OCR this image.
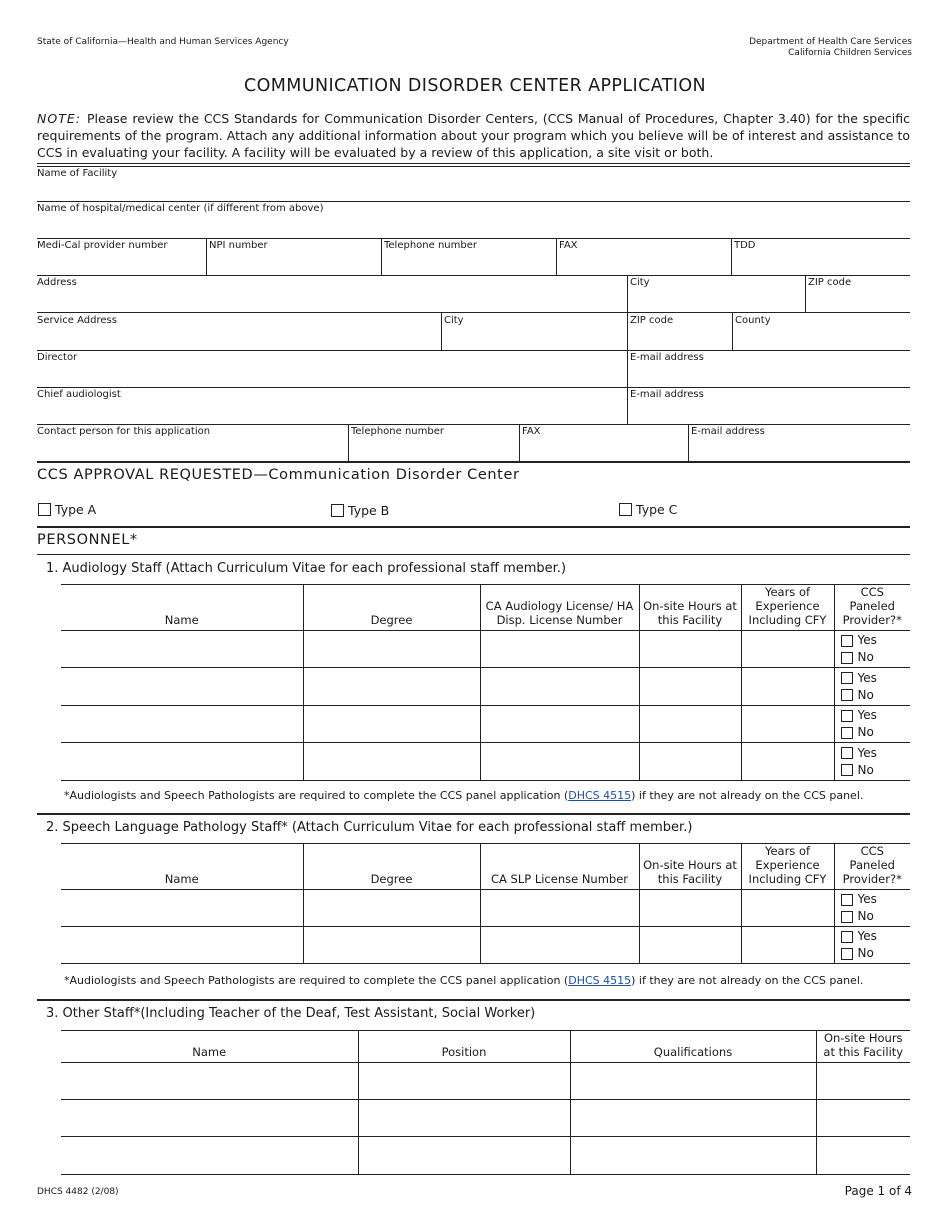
State of California—Health and Human Services Agency	Department of Health Care Services
California Children Services
COMMUNICATION DISORDER CENTER APPLICATION
NOTE: Please review the CCS Standards for Communication Disorder Centers, (CCS Manual of Procedures, Chapter 3.40) for the specific requirements of the program. Attach any additional information about your program which you believe will be of interest and assistance to CCS in evaluating your facility. A facility will be evaluated by a review of this application, a site visit or both.
Name of Facility
Name of hospital/medical center (if different from above)
Medi-Cal provider number	NPI number	Telephone number	FAX	TDD
Address	City	ZIP code
Service Address	City	ZIP code	County
Director	E-mail address
Chief audiologist	E-mail address
Contact person for this application	Telephone number	FAX	E-mail address
CCS APPROVAL REQUESTED—Communication Disorder Center
Type A	Type B	Type C
PERSONNEL*
1. Audiology Staff (Attach Curriculum Vitae for each professional staff member.)
Name	Degree	CA Audiology License/ HA Disp. License Number	On-site Hours at this Facility	Years of Experience Including CFY	CCS Paneled Provider?*

					Yes
No

					Yes
No

					Yes
No

					Yes
No
*Audiologists and Speech Pathologists are required to complete the CCS panel application (DHCS 4515) if they are not already on the CCS panel.
2. Speech Language Pathology Staff* (Attach Curriculum Vitae for each professional staff member.)
Name	Degree	CA SLP License Number	On-site Hours at this Facility	Years of Experience Including CFY	CCS Paneled Provider?*

					Yes
No

					Yes
No
*Audiologists and Speech Pathologists are required to complete the CCS panel application (DHCS 4515) if they are not already on the CCS panel.
3. Other Staff*(Including Teacher of the Deaf, Test Assistant, Social Worker)
Name	Position	Qualifications	On-site Hours at this Facility

DHCS 4482 (2/08)	Page 1 of 4
